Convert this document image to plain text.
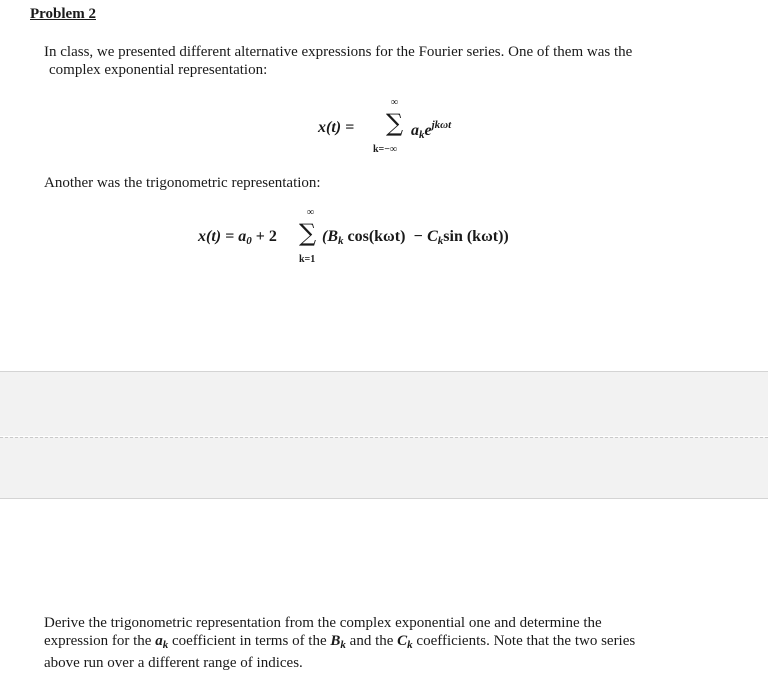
Problem 2
In class, we presented different alternative expressions for the Fourier series. One of them was the
complex exponential representation:
x(t) =
∞
∑
k=−∞
$a_ke^{jk\omega t}$
Another was the trigonometric representation:
$x(t) = a_0 + 2$
∞
∑
k=1
($B_k$ $\cos(k\omega t) - C_k\sin$ (kωt))
Derive the trigonometric representation from the complex exponential one and determine the
expression for the $a_k$ coefficient in terms of the $B_k$ and the $C_k$ coefficients. Note that the two series
above run over a different range of indices.
